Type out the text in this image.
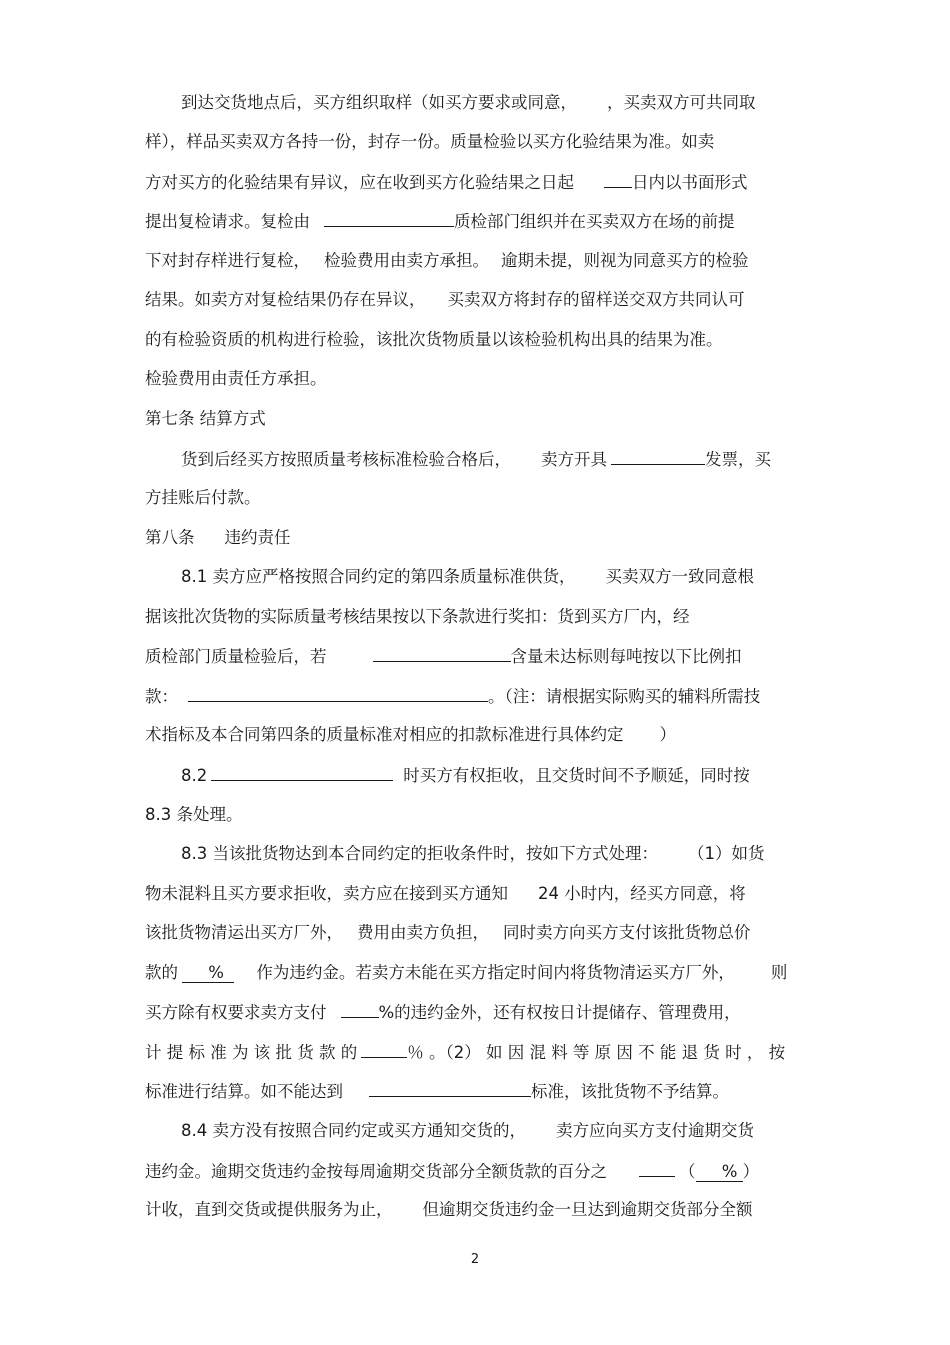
到达交货地点后，买方组织取样（如买方要求或同意， ，买卖双方可共同取

样），样品买卖双方各持一份，封存一份。质量检验以买方化验结果为准。如卖

方对买方的化验结果有异议，应在收到买方化验结果之日起	日内以书面形式

提出复检请求。复检由	质检部门组织并在买卖双方在场的前提

下对封存样进行复检， 检验费用由卖方承担。 逾期未提，则视为同意买方的检验

结果。如卖方对复检结果仍存在异议， 买卖双方将封存的留样送交双方共同认可

的有检验资质的机构进行检验，该批次货物质量以该检验机构出具的结果为准。

检验费用由责任方承担。

第七条 结算方式

货到后经买方按照质量考核标准检验合格后， 卖方开具	发票，买

方挂账后付款。

第八条 违约责任

8.1 卖方应严格按照合同约定的第四条质量标准供货， 买卖双方一致同意根

据该批次货物的实际质量考核结果按以下条款进行奖扣：货到买方厂内，经

质检部门质量检验后，若	含量未达标则每吨按以下比例扣

款：	。（注：请根据实际购买的辅料所需技

术指标及本合同第四条的质量标准对相应的扣款标准进行具体约定 ）

8.2	时买方有权拒收，且交货时间不予顺延，同时按

8.3 条处理。

8.3 当该批货物达到本合同约定的拒收条件时，按如下方式处理： （1）如货

物未混料且买方要求拒收，卖方应在接到买方通知 24 小时内，经买方同意，将

该批货物清运出买方厂外， 费用由卖方负担， 同时卖方向买方支付该批货物总价

款的 % 作为违约金。若卖方未能在买方指定时间内将货物清运买方厂外， 则

买方除有权要求卖方支付	%的违约金外，还有权按日计提储存、管理费用，

计 提 标 准 为 该 批 货 款 的	％ 。（2） 如 因 混 料 等 原 因 不 能 退 货 时 ， 按

标准进行结算。如不能达到	标准，该批货物不予结算。

8.4 卖方没有按照合同约定或买方通知交货的， 卖方应向买方支付逾期交货

违约金。逾期交货违约金按每周逾期交货部分全额货款的百分之	（ % ）

计收，直到交货或提供服务为止， 但逾期交货违约金一旦达到逾期交货部分全额

2
